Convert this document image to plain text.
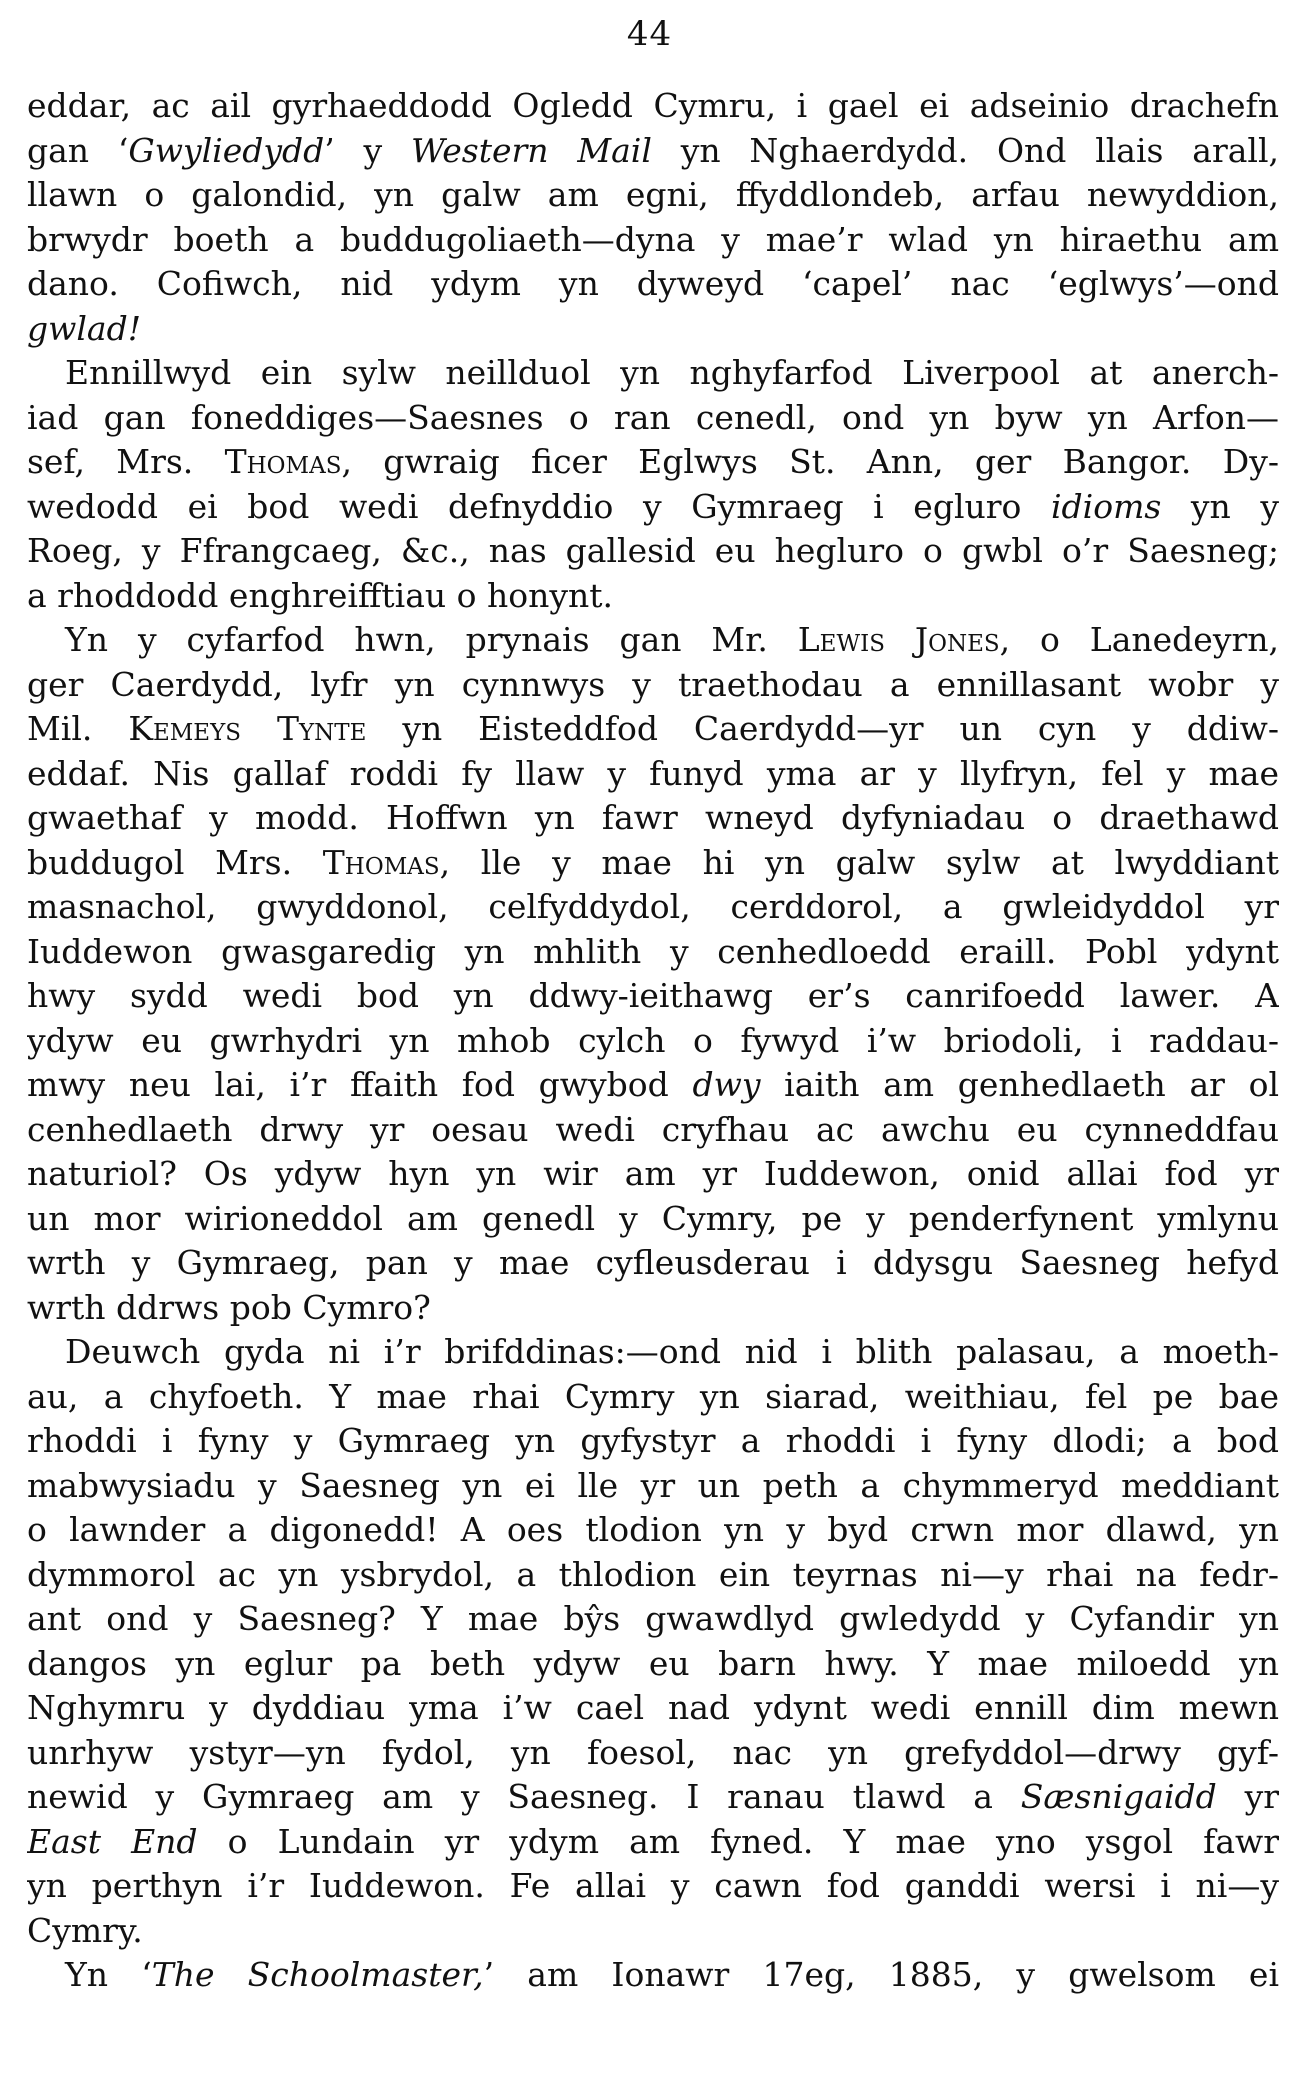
44
eddar, ac ail gyrhaeddodd Ogledd Cymru, i gael ei adseinio drachefn
gan ‘Gwyliedydd’ y Western Mail yn Nghaerdydd. Ond llais arall,
llawn o galondid, yn galw am egni, ffyddlondeb, arfau newyddion,
brwydr boeth a buddugoliaeth—dyna y mae’r wlad yn hiraethu am
dano. Cofiwch, nid ydym yn dyweyd ‘capel’ nac ‘eglwys’—ond
gwlad!
Ennillwyd ein sylw neillduol yn nghyfarfod Liverpool at anerch-
iad gan foneddiges—Saesnes o ran cenedl, ond yn byw yn Arfon—
sef, Mrs. Thomas, gwraig ficer Eglwys St. Ann, ger Bangor. Dy-
wedodd ei bod wedi defnyddio y Gymraeg i egluro idioms yn y
Roeg, y Ffrangcaeg, &c., nas gallesid eu hegluro o gwbl o’r Saesneg;
a rhoddodd enghreifftiau o honynt.
Yn y cyfarfod hwn, prynais gan Mr. Lewis Jones, o Lanedeyrn,
ger Caerdydd, lyfr yn cynnwys y traethodau a ennillasant wobr y
Mil. Kemeys Tynte yn Eisteddfod Caerdydd—yr un cyn y ddiw-
eddaf. Nis gallaf roddi fy llaw y funyd yma ar y llyfryn, fel y mae
gwaethaf y modd. Hoffwn yn fawr wneyd dyfyniadau o draethawd
buddugol Mrs. Thomas, lle y mae hi yn galw sylw at lwyddiant
masnachol, gwyddonol, celfyddydol, cerddorol, a gwleidyddol yr
Iuddewon gwasgaredig yn mhlith y cenhedloedd eraill. Pobl ydynt
hwy sydd wedi bod yn ddwy-ieithawg er’s canrifoedd lawer. A
ydyw eu gwrhydri yn mhob cylch o fywyd i’w briodoli, i raddau-
mwy neu lai, i’r ffaith fod gwybod dwy iaith am genhedlaeth ar ol
cenhedlaeth drwy yr oesau wedi cryfhau ac awchu eu cynneddfau
naturiol? Os ydyw hyn yn wir am yr Iuddewon, onid allai fod yr
un mor wirioneddol am genedl y Cymry, pe y penderfynent ymlynu
wrth y Gymraeg, pan y mae cyfleusderau i ddysgu Saesneg hefyd
wrth ddrws pob Cymro?
Deuwch gyda ni i’r brifddinas:—ond nid i blith palasau, a moeth-
au, a chyfoeth. Y mae rhai Cymry yn siarad, weithiau, fel pe bae
rhoddi i fyny y Gymraeg yn gyfystyr a rhoddi i fyny dlodi; a bod
mabwysiadu y Saesneg yn ei lle yr un peth a chymmeryd meddiant
o lawnder a digonedd! A oes tlodion yn y byd crwn mor dlawd, yn
dymmorol ac yn ysbrydol, a thlodion ein teyrnas ni—y rhai na fedr-
ant ond y Saesneg? Y mae bŷs gwawdlyd gwledydd y Cyfandir yn
dangos yn eglur pa beth ydyw eu barn hwy. Y mae miloedd yn
Nghymru y dyddiau yma i’w cael nad ydynt wedi ennill dim mewn
unrhyw ystyr—yn fydol, yn foesol, nac yn grefyddol—drwy gyf-
newid y Gymraeg am y Saesneg. I ranau tlawd a Sæsnigaidd yr
East End o Lundain yr ydym am fyned. Y mae yno ysgol fawr
yn perthyn i’r Iuddewon. Fe allai y cawn fod ganddi wersi i ni—y
Cymry.
Yn ‘The Schoolmaster,’ am Ionawr 17eg, 1885, y gwelsom ei
